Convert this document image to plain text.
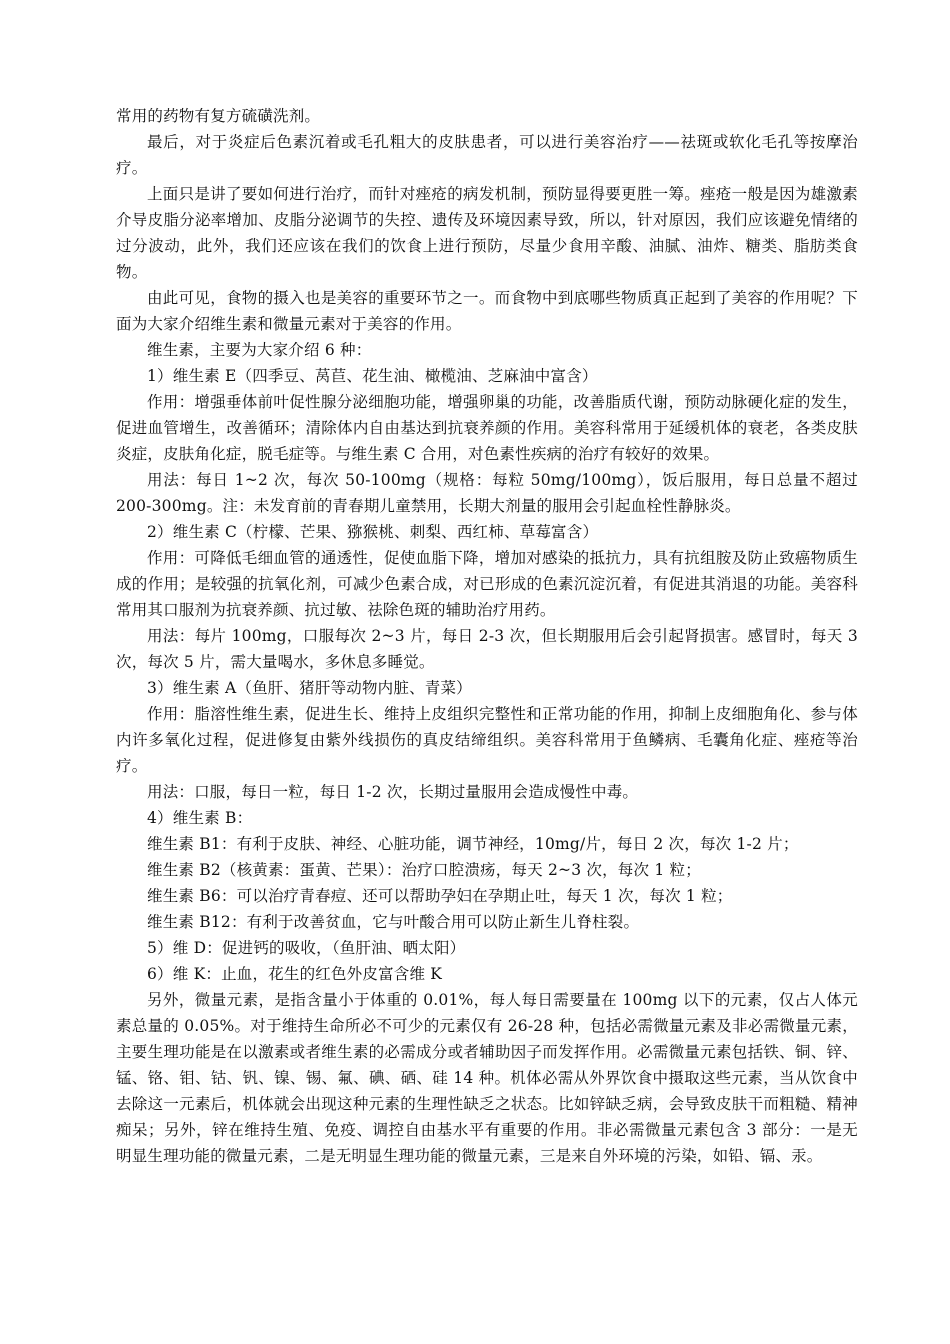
常用的药物有复方硫磺洗剂。

最后，对于炎症后色素沉着或毛孔粗大的皮肤患者，可以进行美容治疗——祛斑或软化毛孔等按摩治疗。

上面只是讲了要如何进行治疗，而针对痤疮的病发机制，预防显得要更胜一筹。痤疮一般是因为雄激素介导皮脂分泌率增加、皮脂分泌调节的失控、遗传及环境因素导致，所以，针对原因，我们应该避免情绪的过分波动，此外，我们还应该在我们的饮食上进行预防，尽量少食用辛酸、油腻、油炸、糖类、脂肪类食物。

由此可见，食物的摄入也是美容的重要环节之一。而食物中到底哪些物质真正起到了美容的作用呢？下面为大家介绍维生素和微量元素对于美容的作用。

维生素，主要为大家介绍 6 种：

1）维生素 E（四季豆、莴苣、花生油、橄榄油、芝麻油中富含）

作用：增强垂体前叶促性腺分泌细胞功能，增强卵巢的功能，改善脂质代谢，预防动脉硬化症的发生，促进血管增生，改善循环；清除体内自由基达到抗衰养颜的作用。美容科常用于延缓机体的衰老，各类皮肤炎症，皮肤角化症，脱毛症等。与维生素 C 合用，对色素性疾病的治疗有较好的效果。

用法：每日 1~2 次，每次 50-100mg（规格：每粒 50mg/100mg），饭后服用，每日总量不超过 200-300mg。注：未发育前的青春期儿童禁用，长期大剂量的服用会引起血栓性静脉炎。

2）维生素 C（柠檬、芒果、猕猴桃、刺梨、西红柿、草莓富含）

作用：可降低毛细血管的通透性，促使血脂下降，增加对感染的抵抗力，具有抗组胺及防止致癌物质生成的作用；是较强的抗氧化剂，可减少色素合成，对已形成的色素沉淀沉着，有促进其消退的功能。美容科常用其口服剂为抗衰养颜、抗过敏、祛除色斑的辅助治疗用药。

用法：每片 100mg，口服每次 2~3 片，每日 2-3 次，但长期服用后会引起肾损害。感冒时，每天 3 次，每次 5 片，需大量喝水，多休息多睡觉。

3）维生素 A（鱼肝、猪肝等动物内脏、青菜）

作用：脂溶性维生素，促进生长、维持上皮组织完整性和正常功能的作用，抑制上皮细胞角化、参与体内许多氧化过程，促进修复由紫外线损伤的真皮结缔组织。美容科常用于鱼鳞病、毛囊角化症、痤疮等治疗。

用法：口服，每日一粒，每日 1-2 次，长期过量服用会造成慢性中毒。

4）维生素 B：

维生素 B1：有利于皮肤、神经、心脏功能，调节神经，10mg/片，每日 2 次，每次 1-2 片；

维生素 B2（核黄素：蛋黄、芒果）：治疗口腔溃疡，每天 2~3 次，每次 1 粒；

维生素 B6：可以治疗青春痘、还可以帮助孕妇在孕期止吐，每天 1 次，每次 1 粒；

维生素 B12：有利于改善贫血，它与叶酸合用可以防止新生儿脊柱裂。

5）维 D：促进钙的吸收，（鱼肝油、晒太阳）

6）维 K：止血，花生的红色外皮富含维 K

另外，微量元素，是指含量小于体重的 0.01%，每人每日需要量在 100mg 以下的元素，仅占人体元素总量的 0.05%。对于维持生命所必不可少的元素仅有 26-28 种，包括必需微量元素及非必需微量元素，主要生理功能是在以激素或者维生素的必需成分或者辅助因子而发挥作用。必需微量元素包括铁、铜、锌、锰、铬、钼、钴、钒、镍、锡、氟、碘、硒、硅 14 种。机体必需从外界饮食中摄取这些元素，当从饮食中去除这一元素后，机体就会出现这种元素的生理性缺乏之状态。比如锌缺乏病，会导致皮肤干而粗糙、精神痴呆；另外，锌在维持生殖、免疫、调控自由基水平有重要的作用。非必需微量元素包含 3 部分：一是无明显生理功能的微量元素，二是无明显生理功能的微量元素，三是来自外环境的污染，如铅、镉、汞。
